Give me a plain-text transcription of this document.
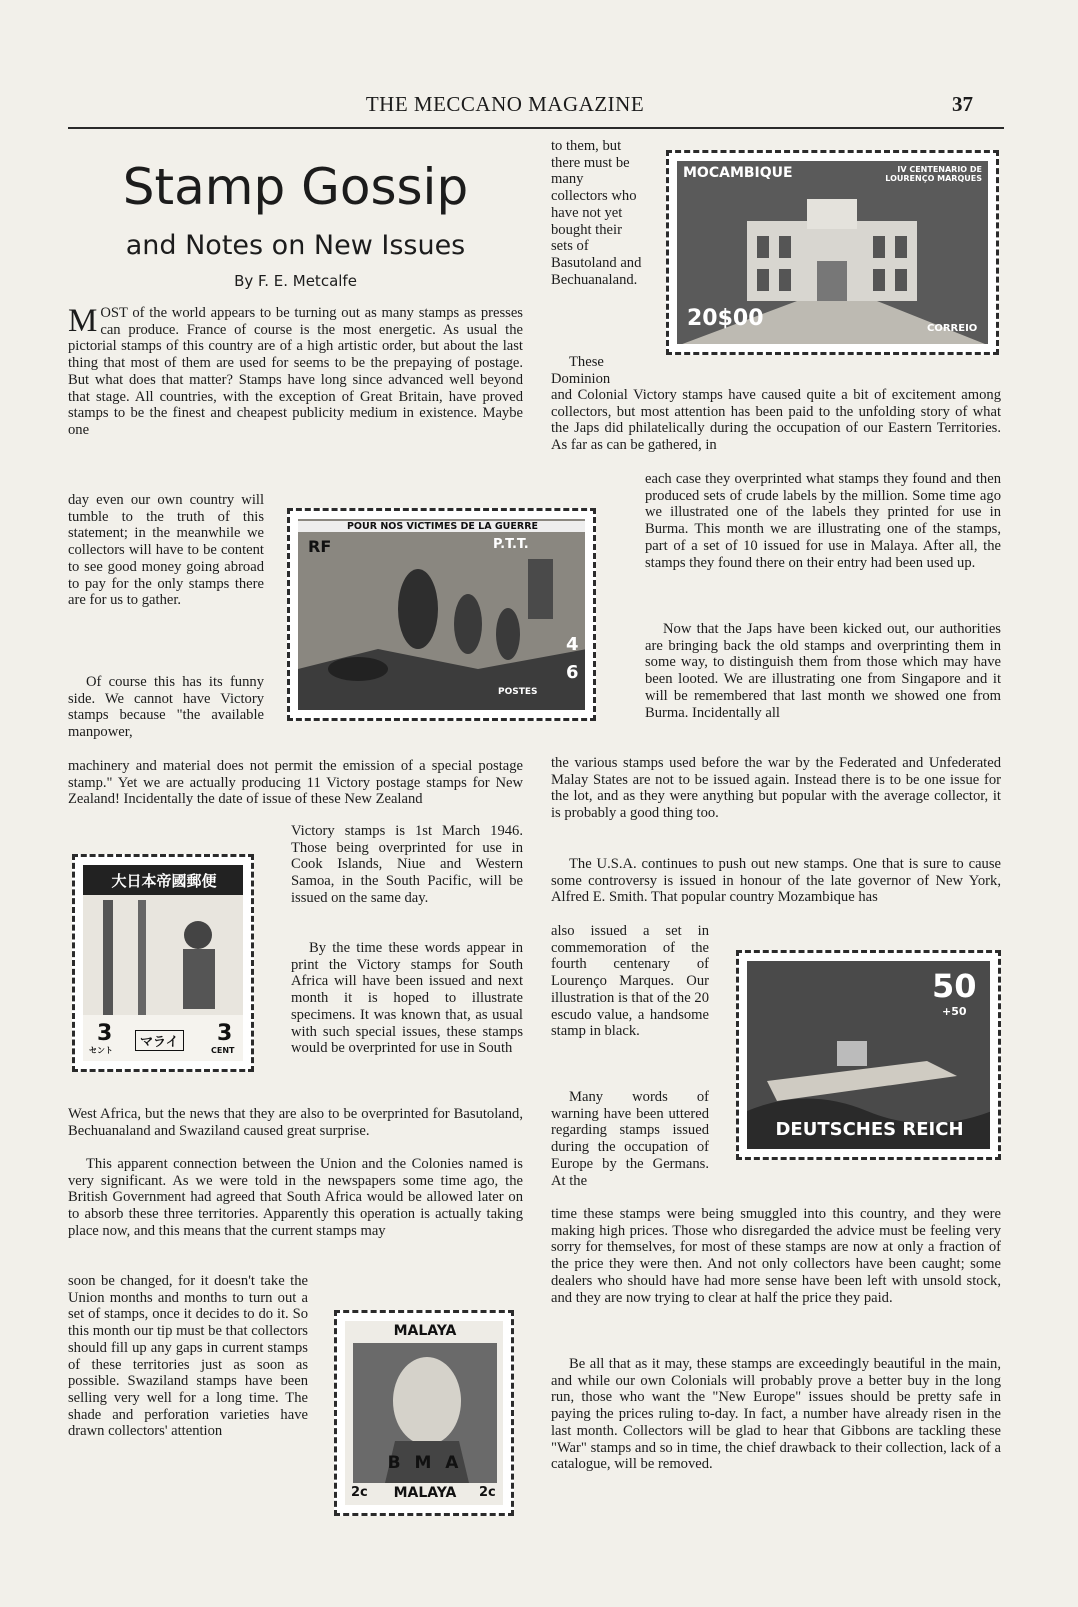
THE MECCANO MAGAZINE	37
Stamp Gossip
and Notes on New Issues
By F. E. Metcalfe

MOST of the world appears to be turning out as many stamps as presses can produce. France of course is the most energetic. As usual the pictorial stamps of this country are of a high artistic order, but about the last thing that most of them are used for seems to be the prepaying of postage. But what does that matter? Stamps have long since advanced well beyond that stage. All countries, with the exception of Great Britain, have proved stamps to be the finest and cheapest publicity medium in existence. Maybe one

day even our own country will tumble to the truth of this statement; in the meanwhile we collectors will have to be content to see good money going abroad to pay for the only stamps there are for us to gather.

Of course this has its funny side. We cannot have Victory stamps because "the available manpower,

machinery and material does not permit the emission of a special postage stamp." Yet we are actually producing 11 Victory postage stamps for New Zealand! Incidentally the date of issue of these New Zealand

Victory stamps is 1st March 1946. Those being overprinted for use in Cook Islands, Niue and Western Samoa, in the South Pacific, will be issued on the same day.

By the time these words appear in print the Victory stamps for South Africa will have been issued and next month it is hoped to illustrate specimens. It was known that, as usual with such special issues, these stamps would be overprinted for use in South

West Africa, but the news that they are also to be overprinted for Basutoland, Bechuanaland and Swaziland caused great surprise.

This apparent connection between the Union and the Colonies named is very significant. As we were told in the newspapers some time ago, the British Government had agreed that South Africa would be allowed later on to absorb these three territories. Apparently this operation is actually taking place now, and this means that the current stamps may

soon be changed, for it doesn't take the Union months and months to turn out a set of stamps, once it decides to do it. So this month our tip must be that collectors should fill up any gaps in current stamps of these territories just as soon as possible. Swaziland stamps have been selling very well for a long time. The shade and perforation varieties have drawn collectors' attention

to them, but there must be many collectors who have not yet bought their sets of Basutoland and Bechuanaland.

These Dominion

and Colonial Victory stamps have caused quite a bit of excitement among collectors, but most attention has been paid to the unfolding story of what the Japs did philatelically during the occupation of our Eastern Territories. As far as can be gathered, in

each case they overprinted what stamps they found and then produced sets of crude labels by the million. Some time ago we illustrated one of the labels they printed for use in Burma. This month we are illustrating one of the stamps, part of a set of 10 issued for use in Malaya. After all, the stamps they found there on their entry had been used up.

Now that the Japs have been kicked out, our authorities are bringing back the old stamps and overprinting them in some way, to distinguish them from those which may have been looted. We are illustrating one from Singapore and it will be remembered that last month we showed one from Burma. Incidentally all

the various stamps used before the war by the Federated and Unfederated Malay States are not to be issued again. Instead there is to be one issue for the lot, and as they were anything but popular with the average collector, it is probably a good thing too.

The U.S.A. continues to push out new stamps. One that is sure to cause some controversy is issued in honour of the late governor of New York, Alfred E. Smith. That popular country Mozambique has

also issued a set in commemoration of the fourth centenary of Lourenço Marques. Our illustration is that of the 20 escudo value, a handsome stamp in black.

Many words of warning have been uttered regarding stamps issued during the occupation of Europe by the Germans. At the

time these stamps were being smuggled into this country, and they were making high prices. Those who disregarded the advice must be feeling very sorry for themselves, for most of these stamps are now at only a fraction of the price they were then. And not only collectors have been caught; some dealers who should have had more sense have been left with unsold stock, and they are now trying to clear at half the price they paid.

Be all that as it may, these stamps are exceedingly beautiful in the main, and while our own Colonials will probably prove a better buy in the long run, those who want the "New Europe" issues should be pretty safe in paying the prices ruling to-day. In fact, a number have already risen in the last month. Collectors will be glad to hear that Gibbons are tackling these "War" stamps and so in time, the chief drawback to their collection, lack of a catalogue, will be removed.

MOCAMBIQUE	IV CENTENARIO DE LOURENÇO MARQUES
20$00	CORREIO
POUR NOS VICTIMES DE LA GUERRE
RF	P.T.T.
4
6
POSTES
大日本帝國郵便
3	3
セント
マライ
CENT
MALAYA
B M A
MALAYA
2c	2c
50
+50
DEUTSCHES REICH
